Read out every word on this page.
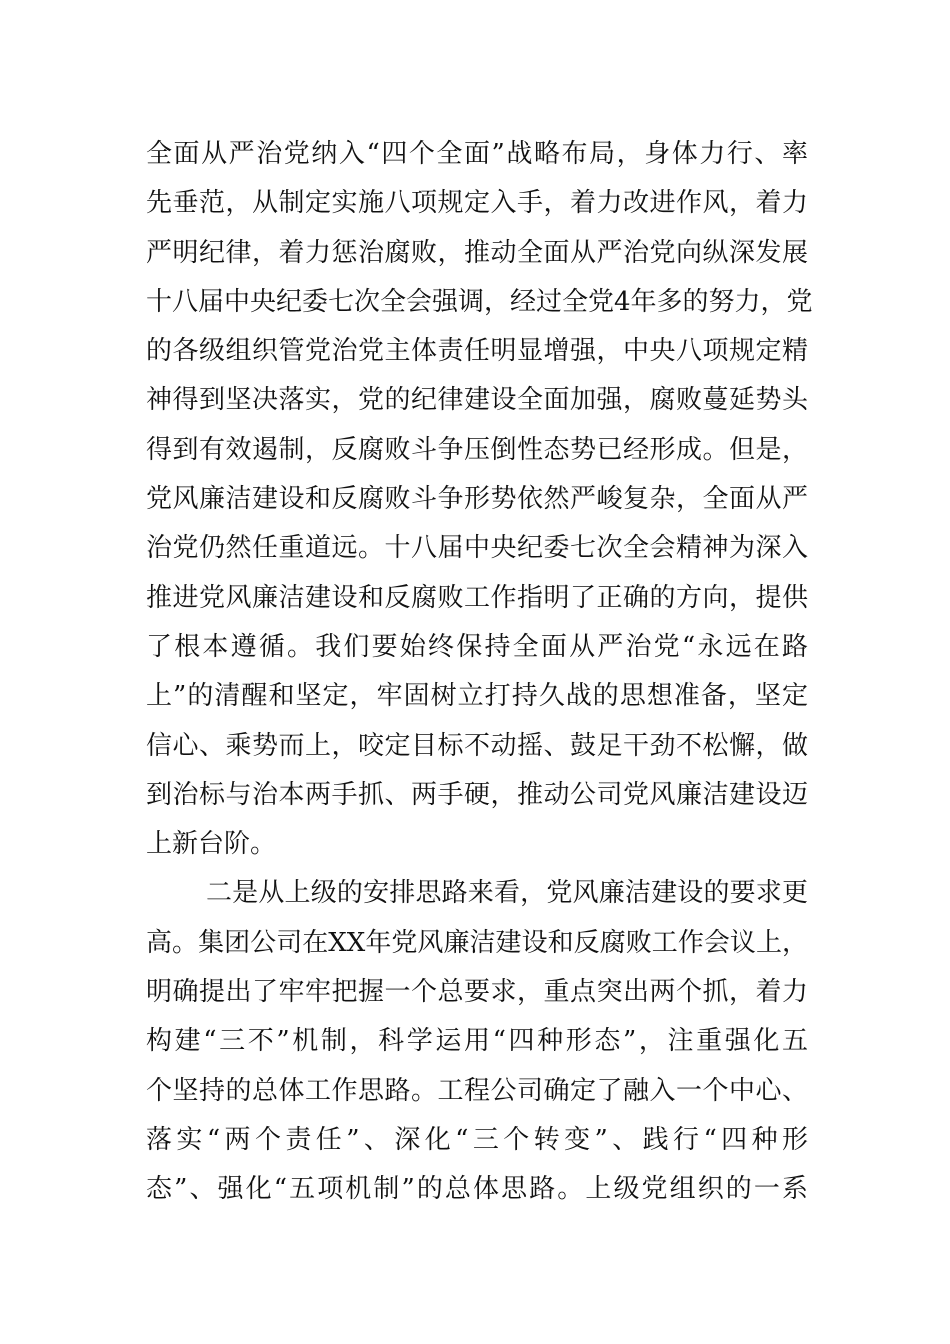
全面从严治党纳入“四个全面”战略布局，身体力行、率
先垂范，从制定实施八项规定入手，着力改进作风，着力
严明纪律，着力惩治腐败，推动全面从严治党向纵深发展
十八届中央纪委七次全会强调，经过全党4年多的努力，党
的各级组织管党治党主体责任明显增强，中央八项规定精
神得到坚决落实，党的纪律建设全面加强，腐败蔓延势头
得到有效遏制，反腐败斗争压倒性态势已经形成。但是，
党风廉洁建设和反腐败斗争形势依然严峻复杂，全面从严
治党仍然任重道远。十八届中央纪委七次全会精神为深入
推进党风廉洁建设和反腐败工作指明了正确的方向，提供
了根本遵循。我们要始终保持全面从严治党“永远在路
上”的清醒和坚定，牢固树立打持久战的思想准备，坚定
信心、乘势而上，咬定目标不动摇、鼓足干劲不松懈，做
到治标与治本两手抓、两手硬，推动公司党风廉洁建设迈
上新台阶。
二是从上级的安排思路来看，党风廉洁建设的要求更
高。集团公司在XX年党风廉洁建设和反腐败工作会议上，
明确提出了牢牢把握一个总要求，重点突出两个抓，着力
构建“三不”机制，科学运用“四种形态”，注重强化五
个坚持的总体工作思路。工程公司确定了融入一个中心、
落实“两个责任”、深化“三个转变”、践行“四种形
态”、强化“五项机制”的总体思路。上级党组织的一系
